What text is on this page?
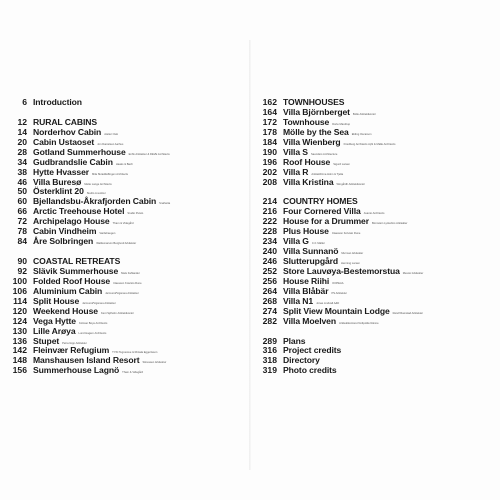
6 Introduction
12 RURAL CABINS
14 Norderhov Cabin Atelier Oslo
20 Cabin Ustaoset Jon Danielsen Aarhus
28 Gotland Summerhouse Enflo Arkitekter & DEVE Architects
34 Gudbrandslie Cabin Haaks & Bach
38 Hytte Hvasser Mila Skraddelfingen Architects
46 Villa Buresø Mette Lange Architects
50 Österklint 20 Studio A-tecktur
60 Bjellandsbu-Åkrafjorden Cabin Snøhetta
66 Arctic Treehouse Hotel Studio Puisto
72 Archipelago House Tham & Videgård
78 Cabin Vindheim Vardehaugen
84 Åre Solbringen Waldemarson Berglund Arkitekter
90 COASTAL RETREATS
92 Slävik Summerhouse Mats Fahlander
100 Folded Roof House Claesson Koivisto Rune
106 Aluminium Cabin Jarmund/Vigsnæs Arkitekter
114 Split House Jarmund/Vigsnæs Arkitekter
120 Weekend House Kent Sjöholm Arkitektkontor
124 Vega Hytte Kolman Boye Architects
130 Lille Arøya Lund Hagem Architects
136 Stupet Petra Gipp Arkitektur
142 Fleinvær Refugium TYIN Tegnestue & Rintala Eggertsson
148 Manshausen Island Resort Stinessen Arkitektur
156 Summerhouse Lagnö Tham & Videgård
162 TOWNHOUSES
164 Villa Björnberget Bolle Arkitektkontor
172 Townhouse Dorte Mandrup
178 Mölle by the Sea Elding Oscarson
184 Villa Wienberg Friedberg Architects ApS & Mølle Architects
190 Villa S Saunders Architecture
196 Roof House Sigurd Larsen
202 Villa R Arkitektfirma Holm & Tjelta
208 Villa Kristina Wingårdh Arkitektkontor
214 COUNTRY HOMES
216 Four Cornered Villa Avanto Architects
222 House for a Drummer Bornstein Lyckefors Arkitekter
228 Plus House Claesson Koivisto Rune
234 Villa G C.F. Møller
240 Villa Sunnanö Murman Arkitekter
246 Slutterupgård Henning Larsen
252 Store Lauvøya-Bestemorstua Mesoic Arkitekter
256 House Riihi OOPEAA
264 Villa Blåbär PS Arkitektur
268 Villa N1 Jonas Lindvall A&D
274 Split View Mountain Lodge Reiulf Ramstad Arkitekter
282 Villa Moelven Arkitektkontoret Noltpolde Rønne
289 Plans
316 Project credits
318 Directory
319 Photo credits
